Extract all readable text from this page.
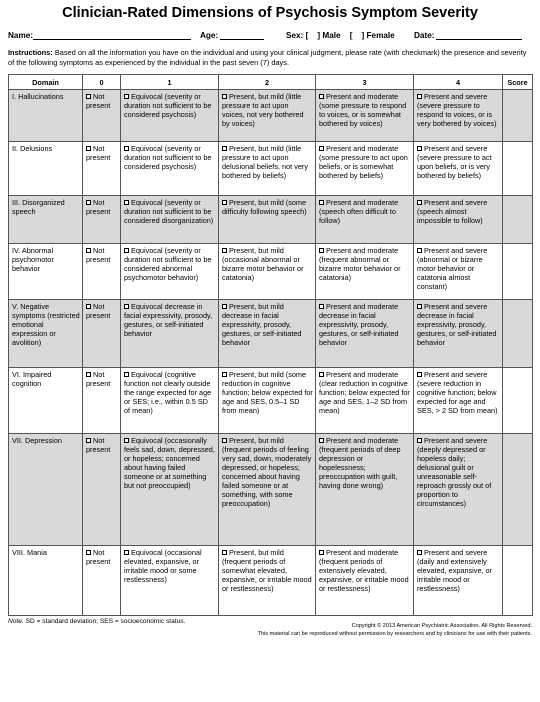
Clinician-Rated Dimensions of Psychosis Symptom Severity
Name:	Age:	Sex: [    ] Male    [    ] Female Date:
Instructions: Based on all the information you have on the individual and using your clinical judgment, please rate (with checkmark) the presence and severity of the following symptoms as experienced by the individual in the past seven (7) days.
Domain	0	1	2	3	4	Score
I. Hallucinations	Not present	Equivocal (severity or duration not sufficient to be considered psychosis)	Present, but mild (little pressure to act upon voices, not very bothered by voices)	Present and moderate (some pressure to respond to voices, or is somewhat bothered by voices)	Present and severe (severe pressure to respond to voices, or is very bothered by voices)	
II. Delusions	Not present	Equivocal (severity or duration not sufficient to be considered psychosis)	Present, but mild (little pressure to act upon delusional beliefs, not very bothered by beliefs)	Present and moderate (some pressure to act upon beliefs, or is somewhat bothered by beliefs)	Present and severe (severe pressure to act upon beliefs, or is very bothered by beliefs)	
III. Disorganized speech	Not present	Equivocal (severity or duration not sufficient to be considered disorganization)	Present, but mild (some difficulty following speech)	Present and moderate (speech often difficult to follow)	Present and severe (speech almost impossible to follow)	
IV. Abnormal psychomotor behavior	Not present	Equivocal (severity or duration not sufficient to be considered abnormal psychomotor behavior)	Present, but mild (occasional abnormal or bizarre motor behavior or catatonia)	Present and moderate (frequent abnormal or bizarre motor behavior or catatonia)	Present and severe (abnormal or bizarre motor behavior or catatonia almost constant)	
V. Negative symptoms (restricted emotional expression or avolition)	Not present	Equivocal decrease in facial expressivity, prosody, gestures, or self-initiated behavior	Present, but mild decrease in facial expressivity, prosody, gestures, or self-initiated behavior	Present and moderate decrease in facial expressivity, prosody, gestures, or self-initiated behavior	Present and severe decrease in facial expressivity, prosody, gestures, or self-initiated behavior	
VI. Impaired cognition	Not present	Equivocal (cognitive function not clearly outside the range expected for age or SES; i.e., within 0.5 SD of mean)	Present, but mild (some reduction in cognitive function; below expected for age and SES, 0.5–1 SD from mean)	Present and moderate (clear reduction in cognitive function; below expected for age and SES, 1–2 SD from mean)	Present and severe (severe reduction in cognitive function; below expected for age and SES, > 2 SD from mean)	
VII. Depression	Not present	Equivocal (occasionally feels sad, down, depressed, or hopeless; concerned about having failed someone or at something but not preoccupied)	Present, but mild (frequent periods of feeling very sad, down, moderately depressed, or hopeless; concerned about having failed someone or at something, with some preoccupation)	Present and moderate (frequent periods of deep depression or hopelessness; preoccupation with guilt, having done wrong)	Present and severe (deeply depressed or hopeless daily; delusional guilt or unreasonable self-reproach grossly out of proportion to circumstances)	
VIII. Mania	Not present	Equivocal (occasional elevated, expansive, or irritable mood or some restlessness)	Present, but mild (frequent periods of somewhat elevated, expansive, or irritable mood or restlessness)	Present and moderate (frequent periods of extensively elevated, expansive, or irritable mood or restlessness)	Present and severe (daily and extensively elevated, expansive, or irritable mood or restlessness)	
Note. SD = standard deviation; SES = socioeconomic status.
Copyright © 2013 American Psychiatric Association. All Rights Reserved.
This material can be reproduced without permission by researchers and by clinicians for use with their patients.
